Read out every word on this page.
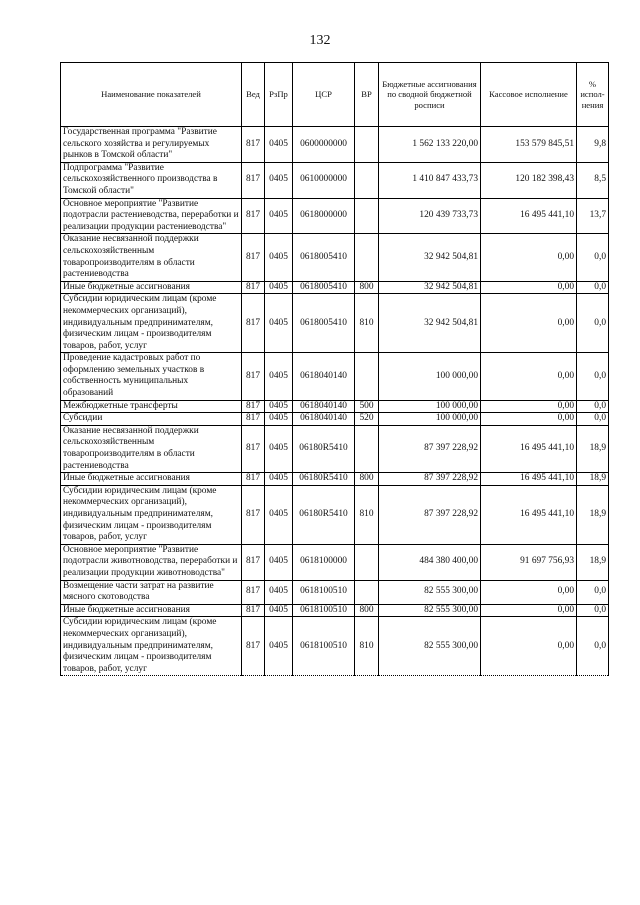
132
Наименование показателей	Вед	РзПр	ЦСР	ВР	Бюджетные ассигнования по сводной бюджетной росписи	Кассовое исполнение	% испол-нения
Государственная программа "Развитие сельского хозяйства и регулируемых рынков в Томской области"	817	0405	0600000000		1 562 133 220,00	153 579 845,51	9,8
Подпрограмма "Развитие сельскохозяйственного производства в Томской области"	817	0405	0610000000		1 410 847 433,73	120 182 398,43	8,5
Основное мероприятие "Развитие подотрасли растениеводства, переработки и реализации продукции растениеводства"	817	0405	0618000000		120 439 733,73	16 495 441,10	13,7
Оказание несвязанной поддержки сельскохозяйственным товаропроизводителям в области растениеводства	817	0405	0618005410		32 942 504,81	0,00	0,0
Иные бюджетные ассигнования	817	0405	0618005410	800	32 942 504,81	0,00	0,0
Субсидии юридическим лицам (кроме некоммерческих организаций), индивидуальным предпринимателям, физическим лицам - производителям товаров, работ, услуг	817	0405	0618005410	810	32 942 504,81	0,00	0,0
Проведение кадастровых работ по оформлению земельных участков в собственность муниципальных образований	817	0405	0618040140		100 000,00	0,00	0,0
Межбюджетные трансферты	817	0405	0618040140	500	100 000,00	0,00	0,0
Субсидии	817	0405	0618040140	520	100 000,00	0,00	0,0
Оказание несвязанной поддержки сельскохозяйственным товаропроизводителям в области растениеводства	817	0405	06180R5410		87 397 228,92	16 495 441,10	18,9
Иные бюджетные ассигнования	817	0405	06180R5410	800	87 397 228,92	16 495 441,10	18,9
Субсидии юридическим лицам (кроме некоммерческих организаций), индивидуальным предпринимателям, физическим лицам - производителям товаров, работ, услуг	817	0405	06180R5410	810	87 397 228,92	16 495 441,10	18,9
Основное мероприятие "Развитие подотрасли животноводства, переработки и реализации продукции животноводства"	817	0405	0618100000		484 380 400,00	91 697 756,93	18,9
Возмещение части затрат на развитие мясного скотоводства	817	0405	0618100510		82 555 300,00	0,00	0,0
Иные бюджетные ассигнования	817	0405	0618100510	800	82 555 300,00	0,00	0,0
Субсидии юридическим лицам (кроме некоммерческих организаций), индивидуальным предпринимателям, физическим лицам - производителям товаров, работ, услуг	817	0405	0618100510	810	82 555 300,00	0,00	0,0
